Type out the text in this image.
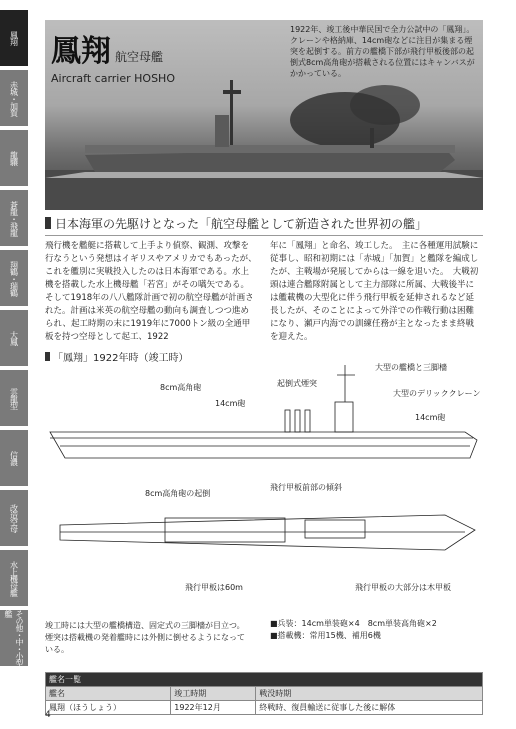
鳳翔
赤城・加賀
龍驤
蒼龍・飛龍
翔鶴・瑞鶴
大鳳
雲龍型
信濃
改造空母
水上機母艦
その他・中・小型艦
鳳翔 航空母艦
Aircraft carrier HOSHO
1922年、竣工後中華民国で全力公試中の「鳳翔」。クレーンや格納庫、14cm砲などに注目が集まる煙突を起倒する。前方の艦橋下部が飛行甲板後部の起倒式8cm高角砲が搭載される位置にはキャンバスがかかっている。
日本海軍の先駆けとなった「航空母艦として新造された世界初の艦」
飛行機を艦艇に搭載して上手より偵察、観測、攻撃を行なうという発想はイギリスやアメリカでもあったが、これを艦別に実戦投入したのは日本海軍である。水上機を搭載した水上機母艦「若宮」がその嚆矢である。　そして1918年の八八艦隊計画で初の航空母艦が計画された。計画は米英の航空母艦の動向も調査しつつ進められ、起工時期の末に1919年に7000トン級の全通甲板を持つ空母として起工、1922
年に「鳳翔」と命名、竣工した。　主に各種運用試験に従事し、昭和初期には「赤城」「加賀」と艦隊を編成したが、主戦場が発展してからは一線を退いた。　大戦初頭は連合艦隊附属として主力部隊に所属、大戦後半には艦載機の大型化に伴う飛行甲板を延伸されるなど延長したが、そのことによって外洋での作戦行動は困難になり、瀬戸内海での訓練任務が主となったまま終戦を迎えた。
「鳳翔」1922年時（竣工時）
8cm高角砲
14cm砲
起倒式煙突
大型の艦橋と三脚檣
大型のデリッククレーン
14cm砲
8cm高角砲の起倒
飛行甲板前部の傾斜
飛行甲板は60m	飛行甲板の大部分は木甲板
竣工時には大型の艦橋構造、固定式の三脚檣が目立つ。煙突は搭載機の発着艦時には外側に倒せるようになっている。
■兵装：14cm単装砲×4　8cm単装高角砲×2
■搭載機：常用15機、補用6機
艦名一覧		
艦名	竣工時期	戦没時期
鳳翔（ほうしょう）	1922年12月	終戦時、復員輸送に従事した後に解体
4
